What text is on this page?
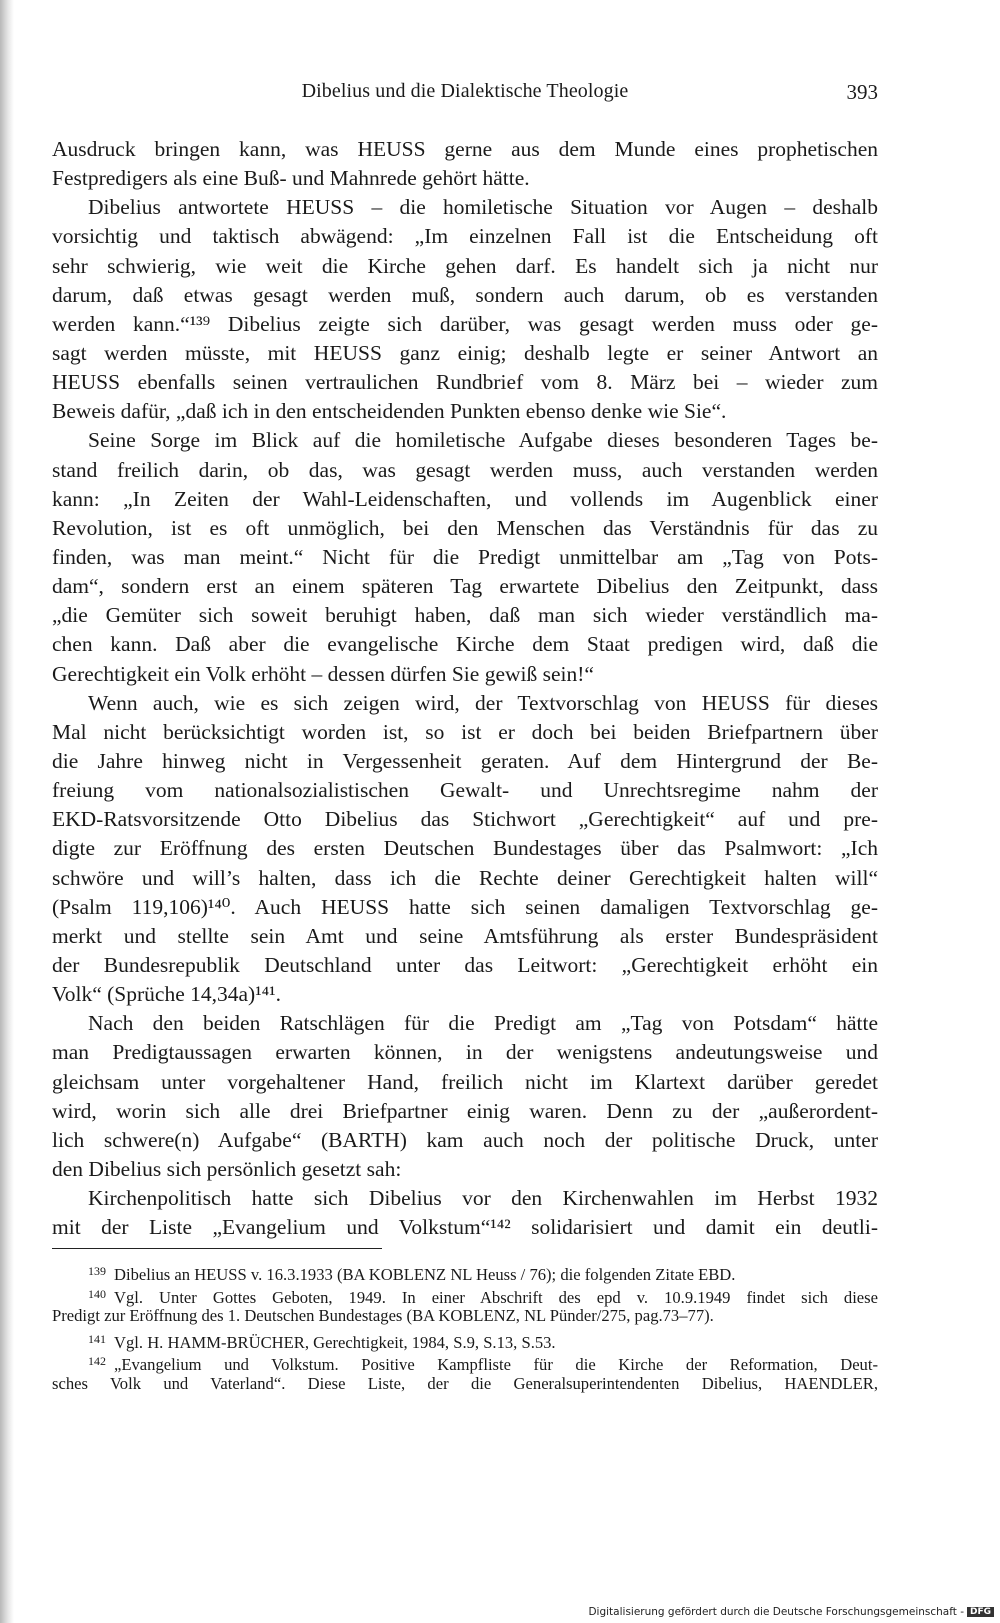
Dibelius und die Dialektische Theologie	393
Ausdruck bringen kann, was HEUSS gerne aus dem Munde eines prophetischen
Festpredigers als eine Buß- und Mahnrede gehört hätte.
Dibelius antwortete HEUSS – die homiletische Situation vor Augen – deshalb
vorsichtig und taktisch abwägend: „Im einzelnen Fall ist die Entscheidung oft
sehr schwierig, wie weit die Kirche gehen darf. Es handelt sich ja nicht nur
darum, daß etwas gesagt werden muß, sondern auch darum, ob es verstanden
werden kann.“¹³⁹ Dibelius zeigte sich darüber, was gesagt werden muss oder ge-
sagt werden müsste, mit HEUSS ganz einig; deshalb legte er seiner Antwort an
HEUSS ebenfalls seinen vertraulichen Rundbrief vom 8. März bei – wieder zum
Beweis dafür, „daß ich in den entscheidenden Punkten ebenso denke wie Sie“.
Seine Sorge im Blick auf die homiletische Aufgabe dieses besonderen Tages be-
stand freilich darin, ob das, was gesagt werden muss, auch verstanden werden
kann: „In Zeiten der Wahl-Leidenschaften, und vollends im Augenblick einer
Revolution, ist es oft unmöglich, bei den Menschen das Verständnis für das zu
finden, was man meint.“ Nicht für die Predigt unmittelbar am „Tag von Pots-
dam“, sondern erst an einem späteren Tag erwartete Dibelius den Zeitpunkt, dass
„die Gemüter sich soweit beruhigt haben, daß man sich wieder verständlich ma-
chen kann. Daß aber die evangelische Kirche dem Staat predigen wird, daß die
Gerechtigkeit ein Volk erhöht – dessen dürfen Sie gewiß sein!“
Wenn auch, wie es sich zeigen wird, der Textvorschlag von HEUSS für dieses
Mal nicht berücksichtigt worden ist, so ist er doch bei beiden Briefpartnern über
die Jahre hinweg nicht in Vergessenheit geraten. Auf dem Hintergrund der Be-
freiung vom nationalsozialistischen Gewalt- und Unrechtsregime nahm der
EKD-Ratsvorsitzende Otto Dibelius das Stichwort „Gerechtigkeit“ auf und pre-
digte zur Eröffnung des ersten Deutschen Bundestages über das Psalmwort: „Ich
schwöre und will’s halten, dass ich die Rechte deiner Gerechtigkeit halten will“
(Psalm 119,106)¹⁴⁰. Auch HEUSS hatte sich seinen damaligen Textvorschlag ge-
merkt und stellte sein Amt und seine Amtsführung als erster Bundespräsident
der Bundesrepublik Deutschland unter das Leitwort: „Gerechtigkeit erhöht ein
Volk“ (Sprüche 14,34a)¹⁴¹.
Nach den beiden Ratschlägen für die Predigt am „Tag von Potsdam“ hätte
man Predigtaussagen erwarten können, in der wenigstens andeutungsweise und
gleichsam unter vorgehaltener Hand, freilich nicht im Klartext darüber geredet
wird, worin sich alle drei Briefpartner einig waren. Denn zu der „außerordent-
lich schwere(n) Aufgabe“ (BARTH) kam auch noch der politische Druck, unter
den Dibelius sich persönlich gesetzt sah:
Kirchenpolitisch hatte sich Dibelius vor den Kirchenwahlen im Herbst 1932
mit der Liste „Evangelium und Volkstum“¹⁴² solidarisiert und damit ein deutli-
$^{139}$ Dibelius an HEUSS v. 16.3.1933 (BA KOBLENZ NL Heuss / 76); die folgenden Zitate EBD.
$^{140}$ Vgl. Unter Gottes Geboten, 1949. In einer Abschrift des epd v. 10.9.1949 findet sich diese
Predigt zur Eröffnung des 1. Deutschen Bundestages (BA KOBLENZ, NL Pünder/275, pag.73–77).
$^{141}$ Vgl. H. HAMM-BRÜCHER, Gerechtigkeit, 1984, S.9, S.13, S.53.
$^{142}$ „Evangelium und Volkstum. Positive Kampfliste für die Kirche der Reformation, Deut-
sches Volk und Vaterland“. Diese Liste, der die Generalsuperintendenten Dibelius, HAENDLER,
Digitalisierung gefördert durch die Deutsche Forschungsgemeinschaft - DFG
